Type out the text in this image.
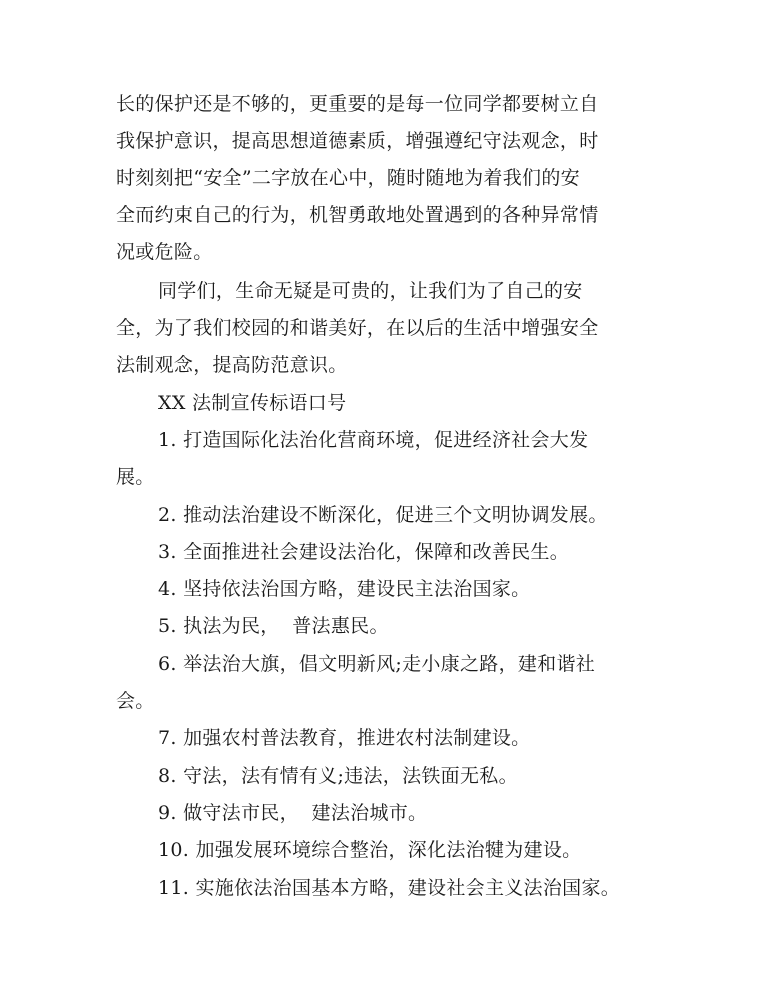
长的保护还是不够的，更重要的是每一位同学都要树立自
我保护意识，提高思想道德素质，增强遵纪守法观念，时
时刻刻把“安全”二字放在心中，随时随地为着我们的安
全而约束自己的行为，机智勇敢地处置遇到的各种异常情
况或危险。
同学们，生命无疑是可贵的，让我们为了自己的安
全，为了我们校园的和谐美好，在以后的生活中增强安全
法制观念，提高防范意识。
XX 法制宣传标语口号
1. 打造国际化法治化营商环境，促进经济社会大发
展。
2. 推动法治建设不断深化，促进三个文明协调发展。
3. 全面推进社会建设法治化，保障和改善民生。
4. 坚持依法治国方略，建设民主法治国家。
5. 执法为民，  普法惠民。
6. 举法治大旗，倡文明新风;走小康之路，建和谐社
会。
7. 加强农村普法教育，推进农村法制建设。
8. 守法，法有情有义;违法，法铁面无私。
9. 做守法市民，  建法治城市。
10. 加强发展环境综合整治，深化法治犍为建设。
11. 实施依法治国基本方略，建设社会主义法治国家。
